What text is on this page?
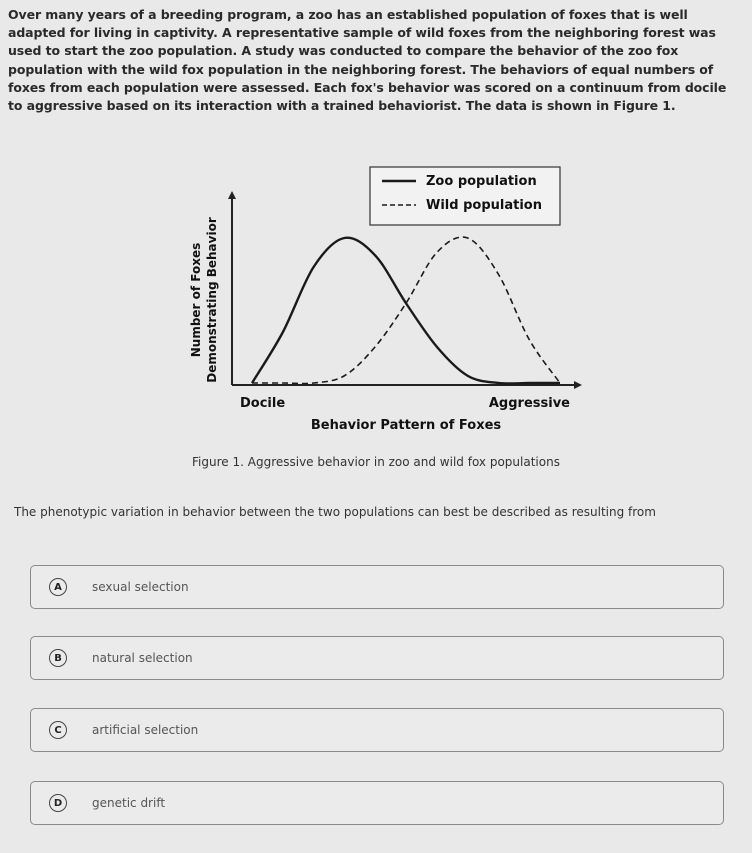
Over many years of a breeding program, a zoo has an established population of foxes that is well adapted for living in captivity. A representative sample of wild foxes from the neighboring forest was used to start the zoo population. A study was conducted to compare the behavior of the zoo fox population with the wild fox population in the neighboring forest. The behaviors of equal numbers of foxes from each population were assessed. Each fox's behavior was scored on a continuum from docile to aggressive based on its interaction with a trained behaviorist. The data is shown in Figure 1.
Zoo population
Wild population
Number of Foxes Demonstrating Behavior
Docile	Aggressive
Behavior Pattern of Foxes
Figure 1. Aggressive behavior in zoo and wild fox populations
The phenotypic variation in behavior between the two populations can best be described as resulting from
A	sexual selection
B	natural selection
C	artificial selection
D	genetic drift
